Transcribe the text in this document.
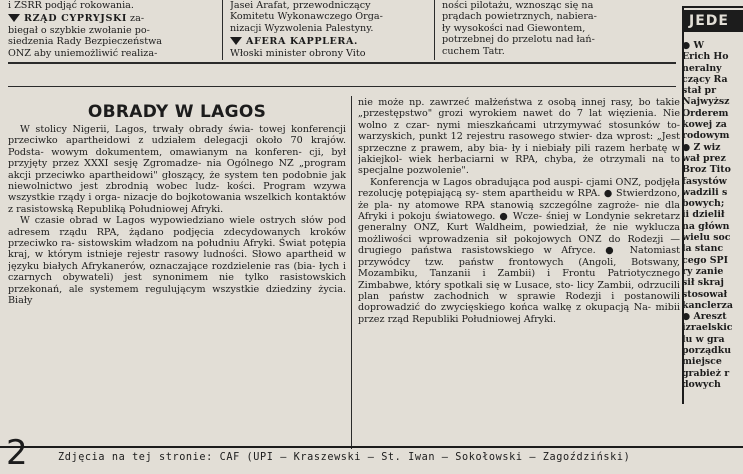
i ZSRR podjąć rokowania.

RZĄD CYPRYJSKI za-

biegał o szybkie zwołanie po-

siedzenia Rady Bezpieczeństwa

ONZ aby uniemożliwić realiza-

Jasei Arafat, przewodniczący

Komitetu Wykonawczego Orga-

nizacji Wyzwolenia Palestyny.

AFERA KAPPLERA.

Włoski minister obrony Vito

ności pilotażu, wznosząc się na

prądach powietrznych, nabiera-

ły wysokości nad Giewontem,

potrzebnej do przelotu nad łań-

cuchem Tatr.

JEDE
● W
Erich Ho
neralny
czący Ra
stał pr
Najwyższ
Orderem
kowej za
rodowym
● Z wiz
wał prez
Broz Tito
fasystów
wadzili s
bowych;
ii dzielił
na główn
wielu soc
la stanc
cego SPI
ry zanie
sił skraj
stosował
kanclerza
● Areszt
izraelskic
lu w gra
porządku
miejsce
grabież r
dowych
OBRADY W LAGOS

W stolicy Nigerii, Lagos, trwały obrady świa- towej konferencji przeciwko apartheidowi z udziałem delegacji około 70 krajów. Podsta- wowym dokumentem, omawianym na konferen- cji, był przyjęty przez XXXI sesję Zgromadze- nia Ogólnego NZ „program akcji przeciwko apartheidowi" głoszący, że system ten podobnie jak niewolnictwo jest zbrodnią wobec ludz- kości. Program wzywa wszystkie rządy i orga- nizacje do bojkotowania wszelkich kontaktów z rasistowską Republiką Południowej Afryki.

W czasie obrad w Lagos wypowiedziano wiele ostrych słów pod adresem rządu RPA, żądano podjęcia zdecydowanych kroków przeciwko ra- sistowskim władzom na południu Afryki. Świat potępia kraj, w którym istnieje rejestr rasowy ludności. Słowo apartheid w języku białych Afrykanerów, oznaczające rozdzielenie ras (bia- łych i czarnych obywateli) jest synonimem nie tylko rasistowskich przekonań, ale systemem regulującym wszystkie dziedziny życia. Biały

nie może np. zawrzeć małżeństwa z osobą innej rasy, bo takie „przestępstwo" grozi wyrokiem nawet do 7 lat więzienia. Nie wolno z czar- nymi mieszkańcami utrzymywać stosunków to- warzyskich, punkt 12 rejestru rasowego stwier- dza wprost: „Jest sprzeczne z prawem, aby bia- ły i niebiały pili razem herbatę w jakiejkol- wiek herbaciarni w RPA, chyba, że otrzymali na to specjalne pozwolenie".

Konferencja w Lagos obradująca pod auspi- cjami ONZ, podjęła rezolucję potępiającą sy- stem apartheidu w RPA. ● Stwierdzono, że pla- ny atomowe RPA stanowią szczególne zagroże- nie dla Afryki i pokoju światowego. ● Wcze- śniej w Londynie sekretarz generalny ONZ, Kurt Waldheim, powiedział, że nie wyklucza możliwości wprowadzenia sił pokojowych ONZ do Rodezji — drugiego państwa rasistowskiego w Afryce. ● Natomiast przywódcy tzw. państw frontowych (Angoli, Botswany, Mozambiku, Tanzanii i Zambii) i Frontu Patriotycznego Zimbabwe, który spotkali się w Lusace, sto- licy Zambii, odrzucili plan państw zachodnich w sprawie Rodezji i postanowili doprowadzić do zwycięskiego końca walkę z okupacją Na- mibii przez rząd Republiki Południowej Afryki.

2	Zdjęcia na tej stronie: CAF (UPI — Kraszewski — St. Iwan — Sokołowski — Zagoździński)
